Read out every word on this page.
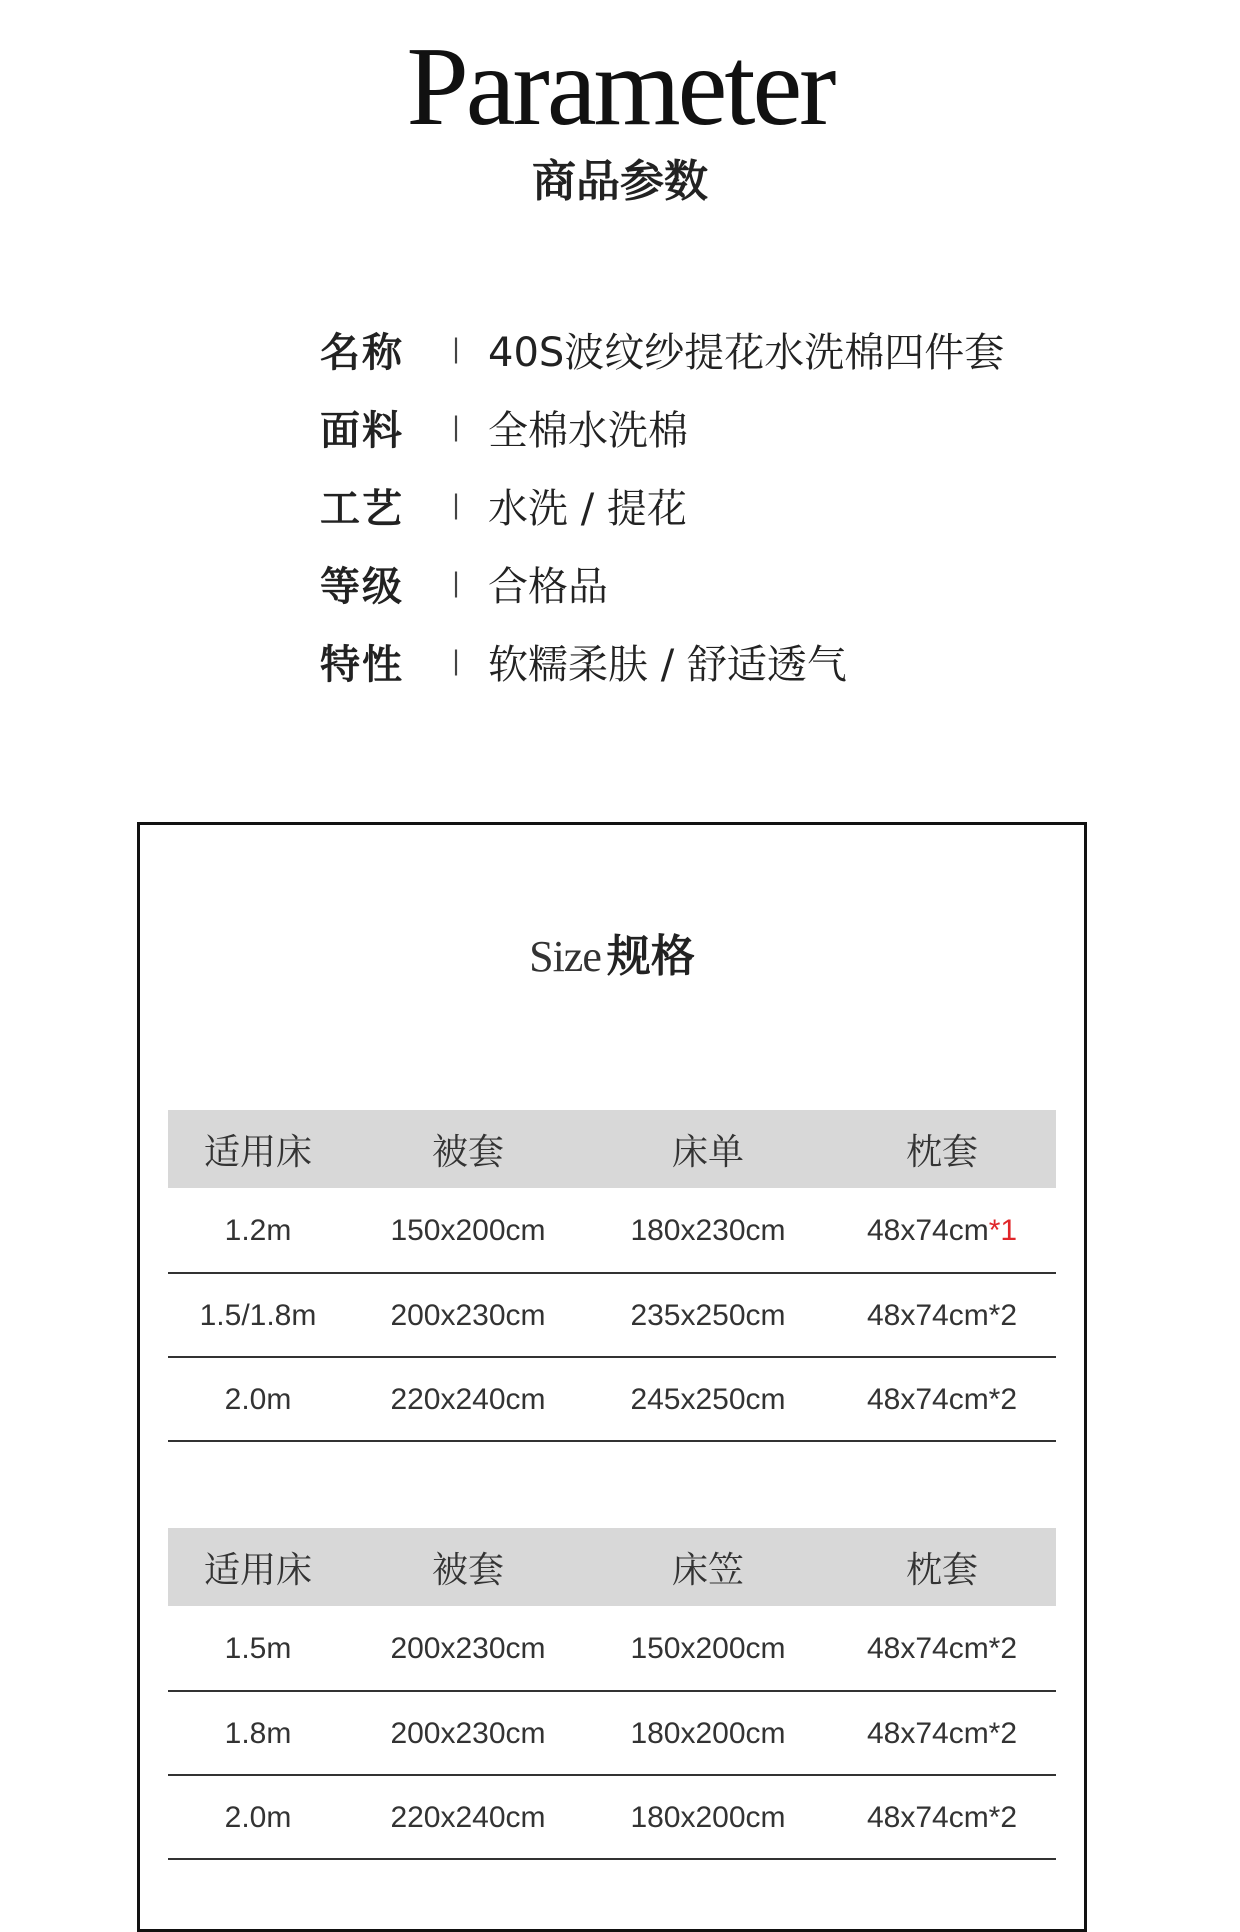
Parameter
商品参数
名称	| 40S波纹纱提花水洗棉四件套
面料	| 全棉水洗棉
工艺	| 水洗 / 提花
等级	| 合格品
特性	| 软糯柔肤 / 舒适透气
Size 规格
适用床	被套	床单	枕套
1.2m	150x200cm	180x230cm	48x74cm*1
1.5/1.8m	200x230cm	235x250cm	48x74cm*2
2.0m	220x240cm	245x250cm	48x74cm*2
适用床	被套	床笠	枕套
1.5m	200x230cm	150x200cm	48x74cm*2
1.8m	200x230cm	180x200cm	48x74cm*2
2.0m	220x240cm	180x200cm	48x74cm*2
